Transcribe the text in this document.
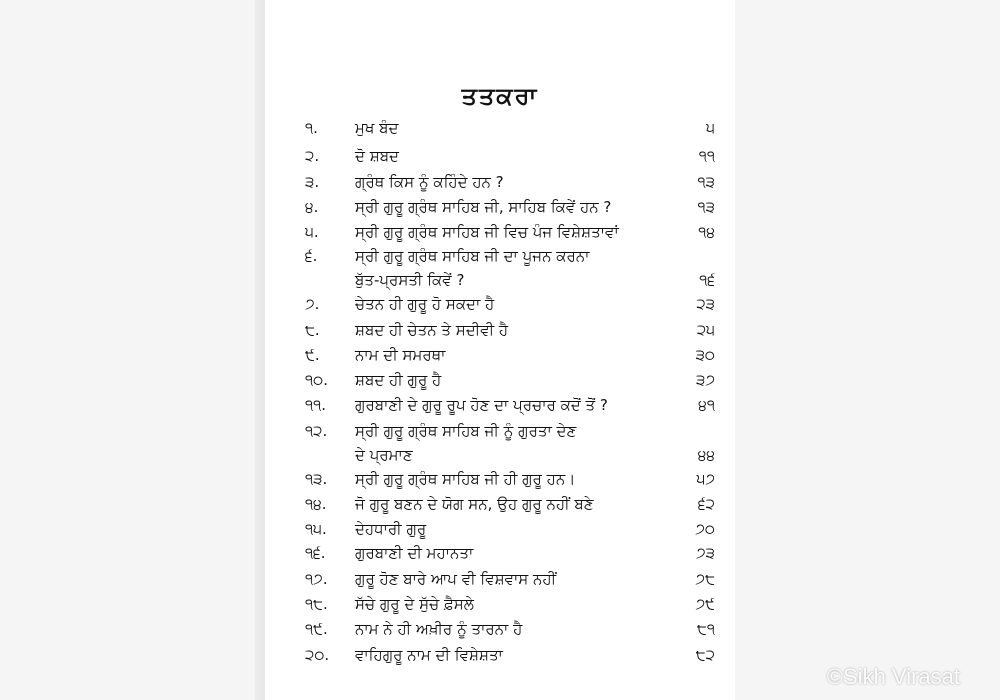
ਤਤਕਰਾ
੧. ਮੁਖ ਬੰਦ	੫
੨. ਦੋ ਸ਼ਬਦ	੧੧
੩. ਗ੍ਰੰਥ ਕਿਸ ਨੂੰ ਕਹਿੰਦੇ ਹਨ ?	੧੩
੪. ਸ੍ਰੀ ਗੁਰੂ ਗ੍ਰੰਥ ਸਾਹਿਬ ਜੀ, ਸਾਹਿਬ ਕਿਵੇਂ ਹਨ ?	੧੩
੫. ਸ੍ਰੀ ਗੁਰੂ ਗ੍ਰੰਥ ਸਾਹਿਬ ਜੀ ਵਿਚ ਪੰਜ ਵਿਸ਼ੇਸ਼ਤਾਵਾਂ	੧੪
੬.	ਸ੍ਰੀ ਗੁਰੂ ਗ੍ਰੰਥ ਸਾਹਿਬ ਜੀ ਦਾ ਪੂਜਨ ਕਰਨਾ
ਬੁੱਤ-ਪ੍ਰਸਤੀ ਕਿਵੇਂ ?	੧੬
੭. ਚੇਤਨ ਹੀ ਗੁਰੂ ਹੋ ਸਕਦਾ ਹੈ	੨੩
੮. ਸ਼ਬਦ ਹੀ ਚੇਤਨ ਤੇ ਸਦੀਵੀ ਹੈ	੨੫
੯. ਨਾਮ ਦੀ ਸਮਰਥਾ	੩੦
੧੦. ਸ਼ਬਦ ਹੀ ਗੁਰੂ ਹੈ	੩੭
੧੧. ਗੁਰਬਾਣੀ ਦੇ ਗੁਰੂ ਰੂਪ ਹੋਣ ਦਾ ਪ੍ਰਚਾਰ ਕਦੋਂ ਤੋਂ ?	੪੧
੧੨. ਸ੍ਰੀ ਗੁਰੂ ਗ੍ਰੰਥ ਸਾਹਿਬ ਜੀ ਨੂੰ ਗੁਰਤਾ ਦੇਣ
ਦੇ ਪ੍ਰਮਾਣ	੪੪
੧੩. ਸ੍ਰੀ ਗੁਰੂ ਗ੍ਰੰਥ ਸਾਹਿਬ ਜੀ ਹੀ ਗੁਰੂ ਹਨ।	੫੭
੧੪. ਜੋ ਗੁਰੂ ਬਣਨ ਦੇ ਯੋਗ ਸਨ, ਉਹ ਗੁਰੂ ਨਹੀਂ ਬਣੇ	੬੨
੧੫. ਦੇਹਧਾਰੀ ਗੁਰੂ	੭੦
੧੬. ਗੁਰਬਾਣੀ ਦੀ ਮਹਾਨਤਾ	੭੩
੧੭. ਗੁਰੂ ਹੋਣ ਬਾਰੇ ਆਪ ਵੀ ਵਿਸ਼ਵਾਸ ਨਹੀਂ	੭੮
੧੮. ਸੱਚੇ ਗੁਰੂ ਦੇ ਸੁੱਚੇ ਫ਼ੈਸਲੇ	੭੯
੧੯. ਨਾਮ ਨੇ ਹੀ ਅਖ਼ੀਰ ਨੂੰ ਤਾਰਨਾ ਹੈ	੮੧
੨੦. ਵਾਹਿਗੁਰੂ ਨਾਮ ਦੀ ਵਿਸ਼ੇਸ਼ਤਾ	੮੨
©Sikh Virasat
